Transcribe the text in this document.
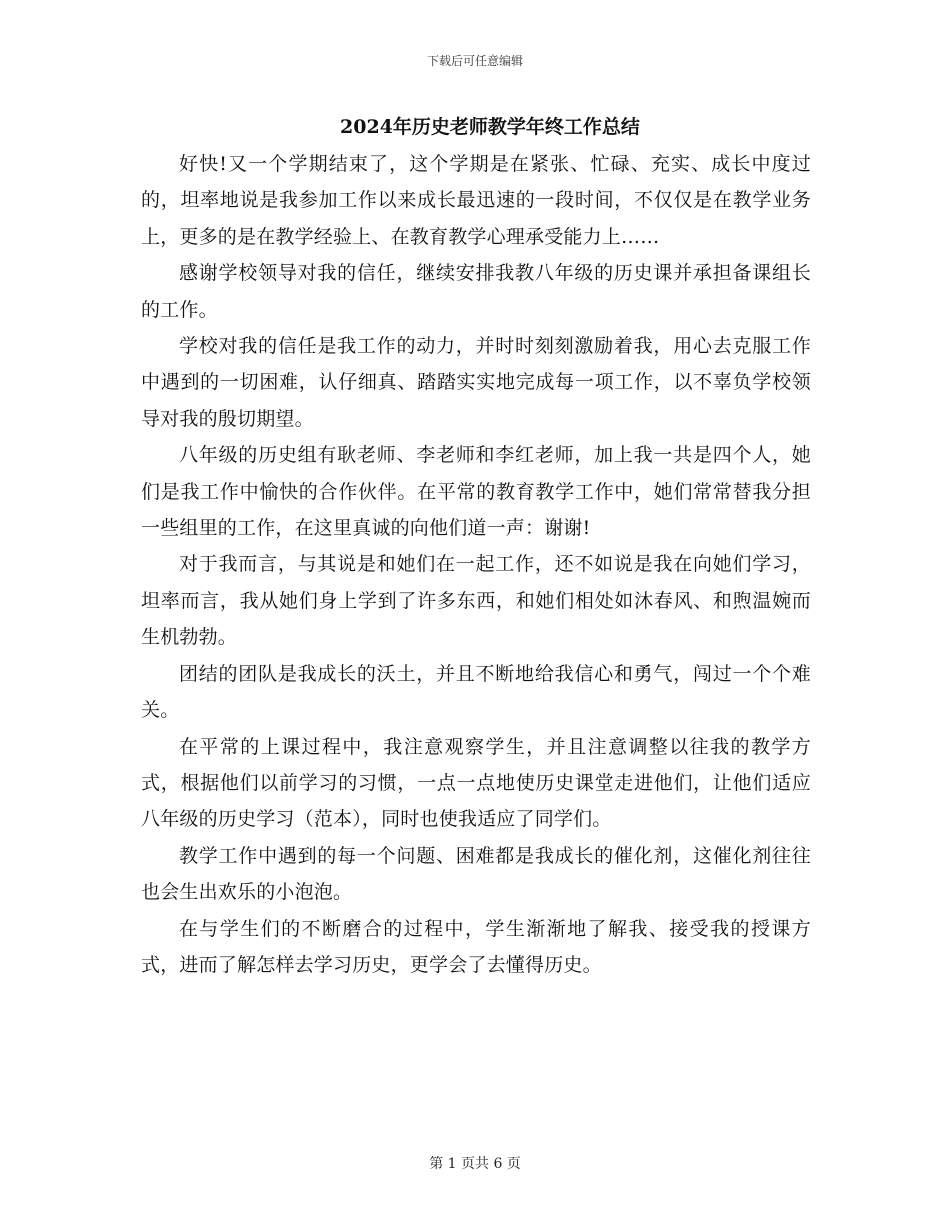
下载后可任意编辑
2024年历史老师教学年终工作总结

好快!又一个学期结束了，这个学期是在紧张、忙碌、充实、成长中度过的，坦率地说是我参加工作以来成长最迅速的一段时间，不仅仅是在教学业务上，更多的是在教学经验上、在教育教学心理承受能力上……

感谢学校领导对我的信任，继续安排我教八年级的历史课并承担备课组长的工作。

学校对我的信任是我工作的动力，并时时刻刻激励着我，用心去克服工作中遇到的一切困难，认仔细真、踏踏实实地完成每一项工作，以不辜负学校领导对我的殷切期望。

八年级的历史组有耿老师、李老师和李红老师，加上我一共是四个人，她们是我工作中愉快的合作伙伴。在平常的教育教学工作中，她们常常替我分担一些组里的工作，在这里真诚的向他们道一声：谢谢!

对于我而言，与其说是和她们在一起工作，还不如说是我在向她们学习，坦率而言，我从她们身上学到了许多东西，和她们相处如沐春风、和煦温婉而生机勃勃。

团结的团队是我成长的沃土，并且不断地给我信心和勇气，闯过一个个难关。

在平常的上课过程中，我注意观察学生，并且注意调整以往我的教学方式，根据他们以前学习的习惯，一点一点地使历史课堂走进他们，让他们适应八年级的历史学习（范本），同时也使我适应了同学们。

教学工作中遇到的每一个问题、困难都是我成长的催化剂，这催化剂往往也会生出欢乐的小泡泡。

在与学生们的不断磨合的过程中，学生渐渐地了解我、接受我的授课方式，进而了解怎样去学习历史，更学会了去懂得历史。

第 1 页共 6 页
